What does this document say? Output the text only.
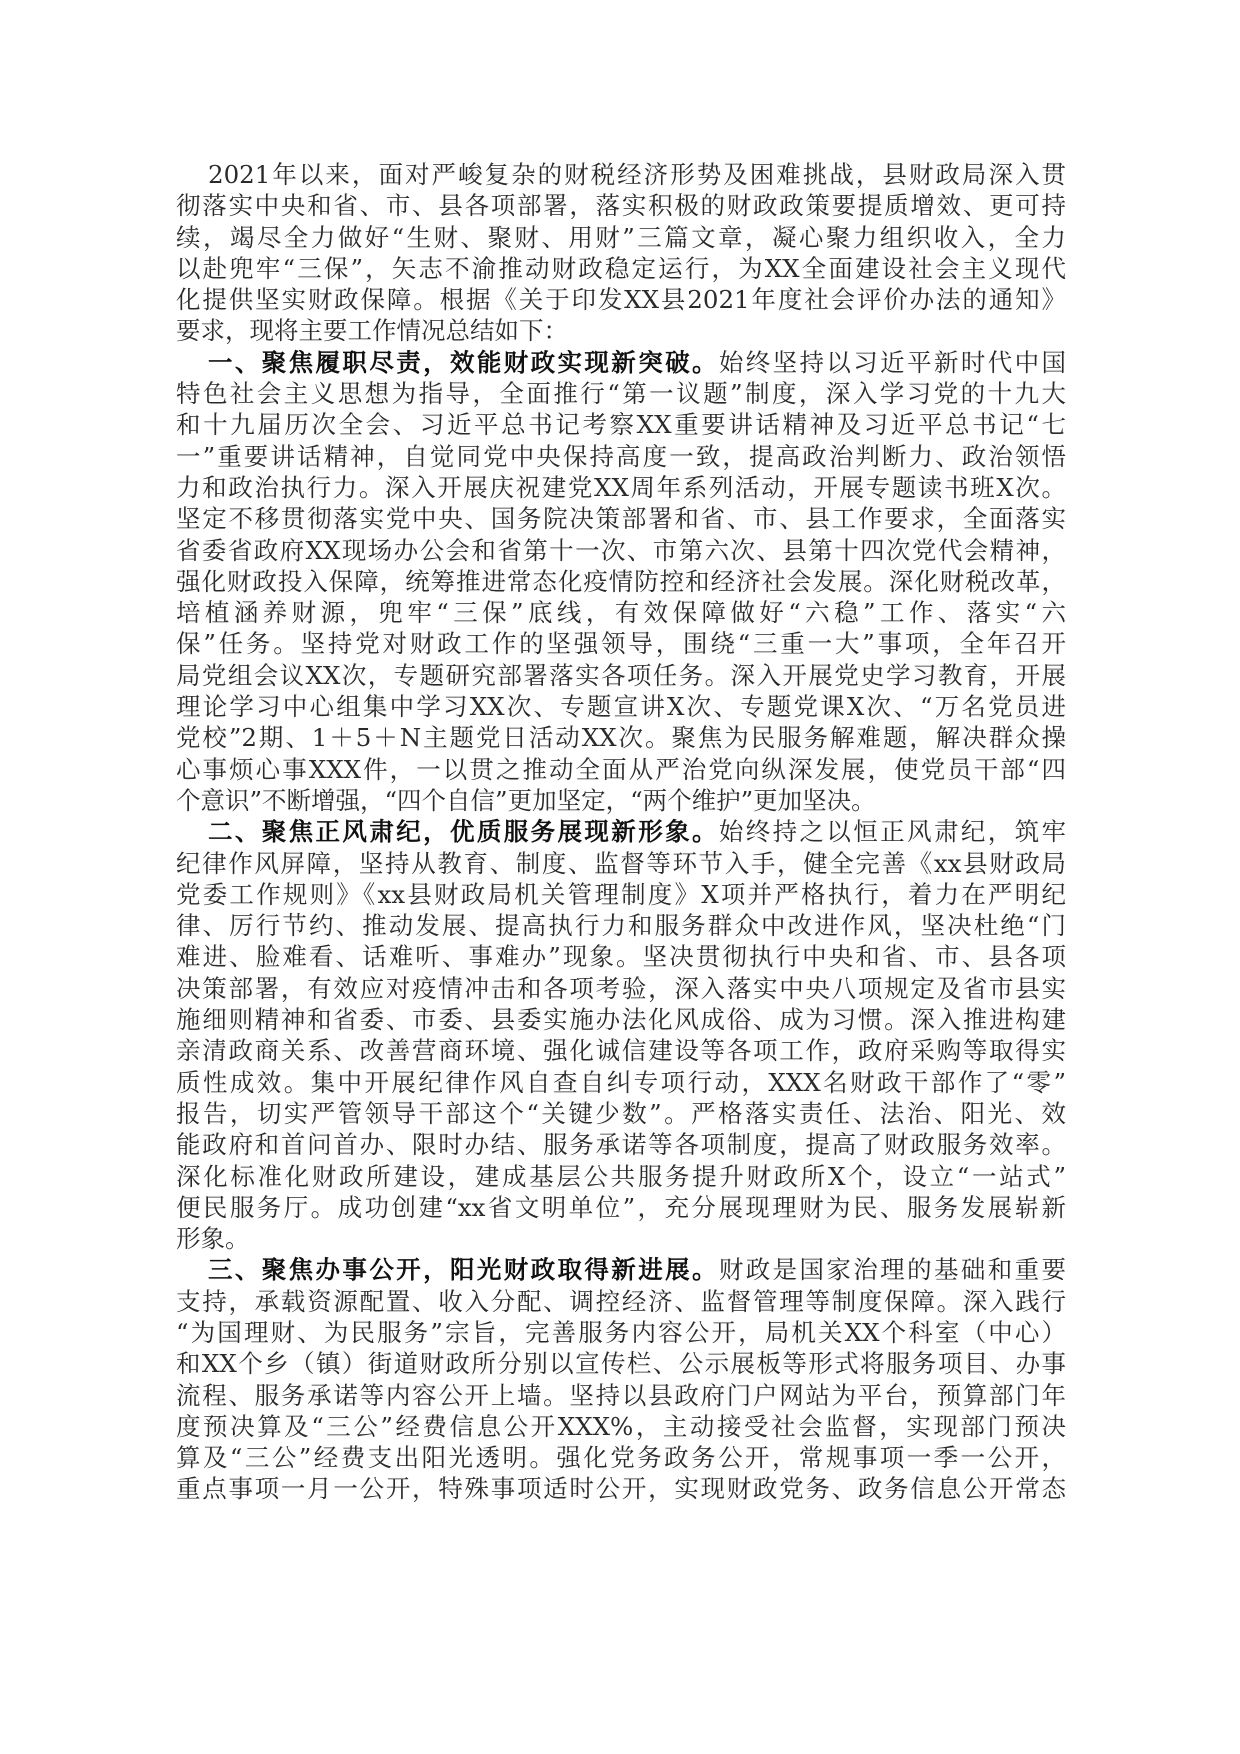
2021年以来，面对严峻复杂的财税经济形势及困难挑战，县财政局深入贯
彻落实中央和省、市、县各项部署，落实积极的财政政策要提质增效、更可持
续，竭尽全力做好“生财、聚财、用财”三篇文章，凝心聚力组织收入，全力
以赴兜牢“三保”，矢志不渝推动财政稳定运行，为XX全面建设社会主义现代
化提供坚实财政保障。根据《关于印发XX县2021年度社会评价办法的通知》
要求，现将主要工作情况总结如下：
一、聚焦履职尽责，效能财政实现新突破。始终坚持以习近平新时代中国
特色社会主义思想为指导，全面推行“第一议题”制度，深入学习党的十九大
和十九届历次全会、习近平总书记考察XX重要讲话精神及习近平总书记“七
一”重要讲话精神，自觉同党中央保持高度一致，提高政治判断力、政治领悟
力和政治执行力。深入开展庆祝建党XX周年系列活动，开展专题读书班X次。
坚定不移贯彻落实党中央、国务院决策部署和省、市、县工作要求，全面落实
省委省政府XX现场办公会和省第十一次、市第六次、县第十四次党代会精神，
强化财政投入保障，统筹推进常态化疫情防控和经济社会发展。深化财税改革，
培植涵养财源，兜牢“三保”底线，有效保障做好“六稳”工作、落实“六
保”任务。坚持党对财政工作的坚强领导，围绕“三重一大”事项，全年召开
局党组会议XX次，专题研究部署落实各项任务。深入开展党史学习教育，开展
理论学习中心组集中学习XX次、专题宣讲X次、专题党课X次、“万名党员进
党校”2期、1＋5＋N主题党日活动XX次。聚焦为民服务解难题，解决群众操
心事烦心事XXX件，一以贯之推动全面从严治党向纵深发展，使党员干部“四
个意识”不断增强，“四个自信”更加坚定，“两个维护”更加坚决。
二、聚焦正风肃纪，优质服务展现新形象。始终持之以恒正风肃纪，筑牢
纪律作风屏障，坚持从教育、制度、监督等环节入手，健全完善《xx县财政局
党委工作规则》《xx县财政局机关管理制度》X项并严格执行，着力在严明纪
律、厉行节约、推动发展、提高执行力和服务群众中改进作风，坚决杜绝“门
难进、脸难看、话难听、事难办”现象。坚决贯彻执行中央和省、市、县各项
决策部署，有效应对疫情冲击和各项考验，深入落实中央八项规定及省市县实
施细则精神和省委、市委、县委实施办法化风成俗、成为习惯。深入推进构建
亲清政商关系、改善营商环境、强化诚信建设等各项工作，政府采购等取得实
质性成效。集中开展纪律作风自查自纠专项行动，XXX名财政干部作了“零”
报告，切实严管领导干部这个“关键少数”。严格落实责任、法治、阳光、效
能政府和首问首办、限时办结、服务承诺等各项制度，提高了财政服务效率。
深化标准化财政所建设，建成基层公共服务提升财政所X个，设立“一站式”
便民服务厅。成功创建“xx省文明单位”，充分展现理财为民、服务发展崭新
形象。
三、聚焦办事公开，阳光财政取得新进展。财政是国家治理的基础和重要
支持，承载资源配置、收入分配、调控经济、监督管理等制度保障。深入践行
“为国理财、为民服务”宗旨，完善服务内容公开，局机关XX个科室（中心）
和XX个乡（镇）街道财政所分别以宣传栏、公示展板等形式将服务项目、办事
流程、服务承诺等内容公开上墙。坚持以县政府门户网站为平台，预算部门年
度预决算及“三公”经费信息公开XXX%，主动接受社会监督，实现部门预决
算及“三公”经费支出阳光透明。强化党务政务公开，常规事项一季一公开，
重点事项一月一公开，特殊事项适时公开，实现财政党务、政务信息公开常态
